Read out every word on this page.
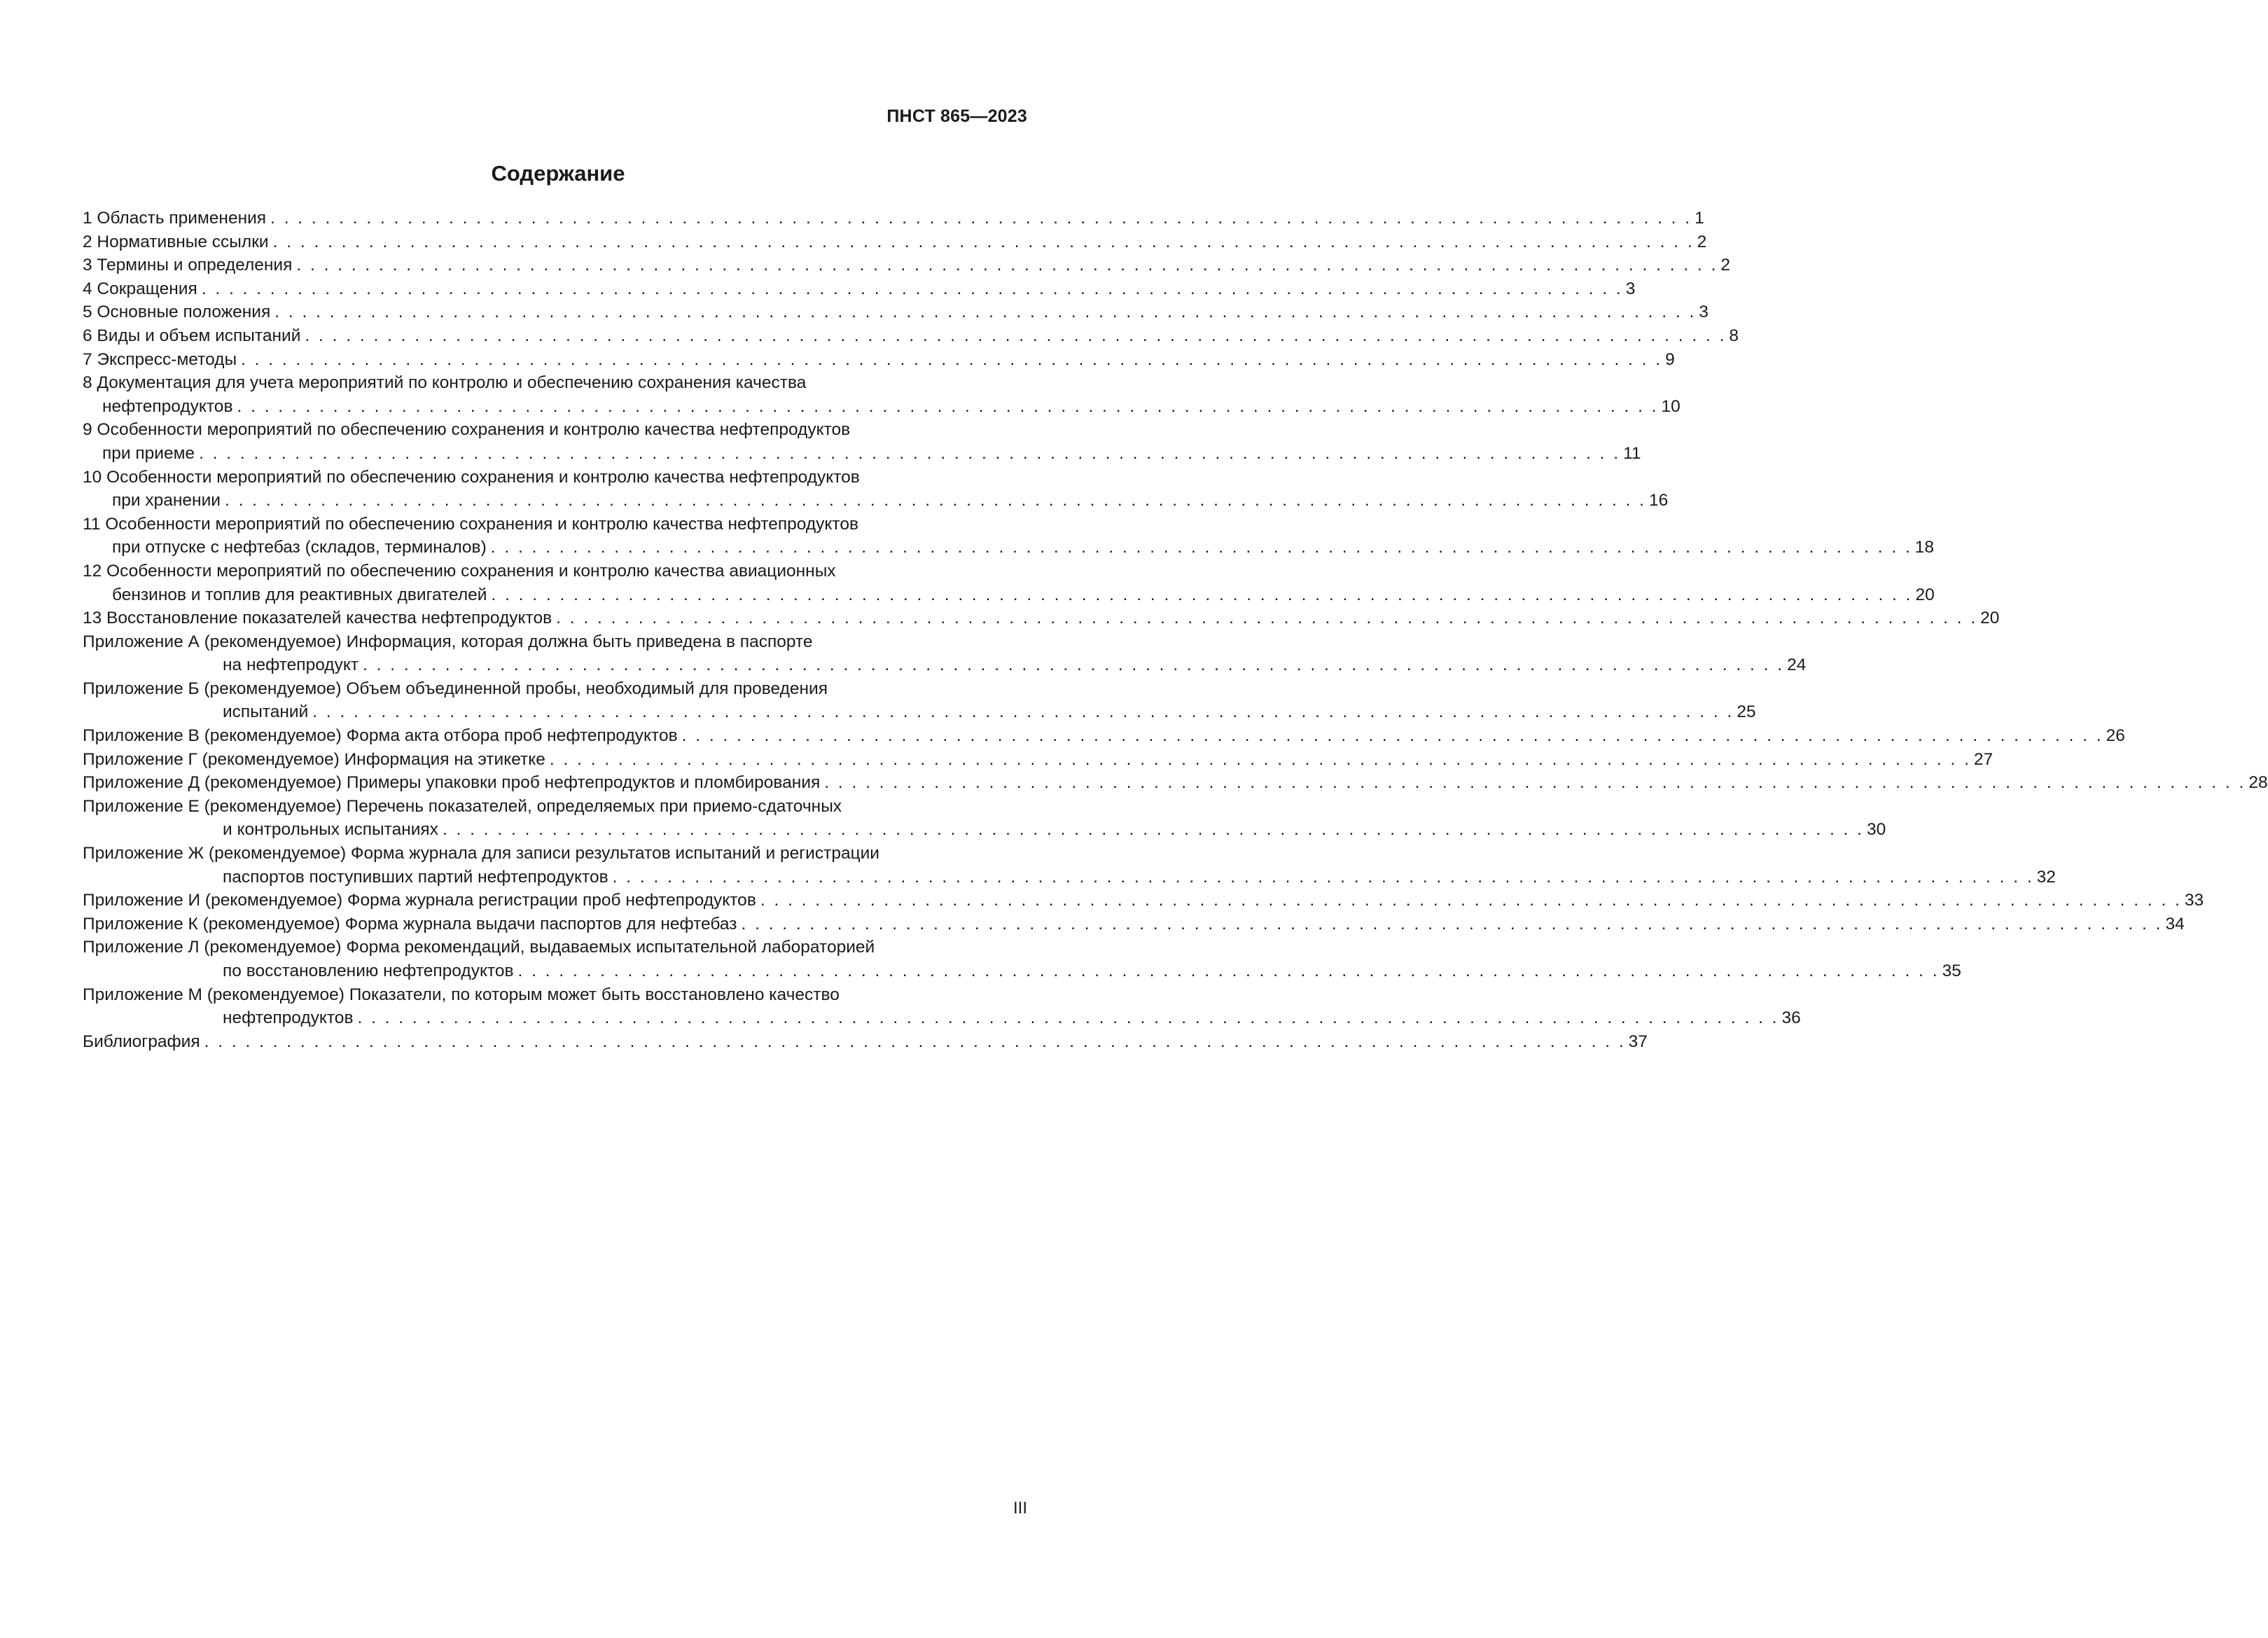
ПНСТ 865—2023
Содержание
1 Область применения . . . . . . . . . . . . . . . . . . . . . . . . . . . . . . . . . . . . . . . . . . . . . . . . . . . . . . . . . . . . . . . . . . . . . . . . . . . . . . . . . . . . . . . . . . . . . . . . . . . . . . . . 1
2 Нормативные ссылки . . . . . . . . . . . . . . . . . . . . . . . . . . . . . . . . . . . . . . . . . . . . . . . . . . . . . . . . . . . . . . . . . . . . . . . . . . . . . . . . . . . . . . . . . . . . . . . . . . . . . . . . 2
3 Термины и определения . . . . . . . . . . . . . . . . . . . . . . . . . . . . . . . . . . . . . . . . . . . . . . . . . . . . . . . . . . . . . . . . . . . . . . . . . . . . . . . . . . . . . . . . . . . . . . . . . . . . . . . . 2
4 Сокращения . . . . . . . . . . . . . . . . . . . . . . . . . . . . . . . . . . . . . . . . . . . . . . . . . . . . . . . . . . . . . . . . . . . . . . . . . . . . . . . . . . . . . . . . . . . . . . . . . . . . . . . . 3
5 Основные положения . . . . . . . . . . . . . . . . . . . . . . . . . . . . . . . . . . . . . . . . . . . . . . . . . . . . . . . . . . . . . . . . . . . . . . . . . . . . . . . . . . . . . . . . . . . . . . . . . . . . . . . . 3
6 Виды и объем испытаний . . . . . . . . . . . . . . . . . . . . . . . . . . . . . . . . . . . . . . . . . . . . . . . . . . . . . . . . . . . . . . . . . . . . . . . . . . . . . . . . . . . . . . . . . . . . . . . . . . . . . . . . 8
7 Экспресс-методы . . . . . . . . . . . . . . . . . . . . . . . . . . . . . . . . . . . . . . . . . . . . . . . . . . . . . . . . . . . . . . . . . . . . . . . . . . . . . . . . . . . . . . . . . . . . . . . . . . . . . . . . 9
8 Документация для учета мероприятий по контролю и обеспечению сохранения качества
нефтепродуктов . . . . . . . . . . . . . . . . . . . . . . . . . . . . . . . . . . . . . . . . . . . . . . . . . . . . . . . . . . . . . . . . . . . . . . . . . . . . . . . . . . . . . . . . . . . . . . . . . . . . . . . . 10
9 Особенности мероприятий по обеспечению сохранения и контролю качества нефтепродуктов
при приеме . . . . . . . . . . . . . . . . . . . . . . . . . . . . . . . . . . . . . . . . . . . . . . . . . . . . . . . . . . . . . . . . . . . . . . . . . . . . . . . . . . . . . . . . . . . . . . . . . . . . . . . . 11
10 Особенности мероприятий по обеспечению сохранения и контролю качества нефтепродуктов
при хранении . . . . . . . . . . . . . . . . . . . . . . . . . . . . . . . . . . . . . . . . . . . . . . . . . . . . . . . . . . . . . . . . . . . . . . . . . . . . . . . . . . . . . . . . . . . . . . . . . . . . . . . . 16
11 Особенности мероприятий по обеспечению сохранения и контролю качества нефтепродуктов
при отпуске с нефтебаз (складов, терминалов) . . . . . . . . . . . . . . . . . . . . . . . . . . . . . . . . . . . . . . . . . . . . . . . . . . . . . . . . . . . . . . . . . . . . . . . . . . . . . . . . . . . . . . . . . . . . . . . . . . . . . . . . 18
12 Особенности мероприятий по обеспечению сохранения и контролю качества авиационных
бензинов и топлив для реактивных двигателей . . . . . . . . . . . . . . . . . . . . . . . . . . . . . . . . . . . . . . . . . . . . . . . . . . . . . . . . . . . . . . . . . . . . . . . . . . . . . . . . . . . . . . . . . . . . . . . . . . . . . . . . 20
13 Восстановление показателей качества нефтепродуктов . . . . . . . . . . . . . . . . . . . . . . . . . . . . . . . . . . . . . . . . . . . . . . . . . . . . . . . . . . . . . . . . . . . . . . . . . . . . . . . . . . . . . . . . . . . . . . . . . . . . . . . . 20
Приложение А (рекомендуемое) Информация, которая должна быть приведена в паспорте
на нефтепродукт . . . . . . . . . . . . . . . . . . . . . . . . . . . . . . . . . . . . . . . . . . . . . . . . . . . . . . . . . . . . . . . . . . . . . . . . . . . . . . . . . . . . . . . . . . . . . . . . . . . . . . . . 24
Приложение Б (рекомендуемое) Объем объединенной пробы, необходимый для проведения
испытаний . . . . . . . . . . . . . . . . . . . . . . . . . . . . . . . . . . . . . . . . . . . . . . . . . . . . . . . . . . . . . . . . . . . . . . . . . . . . . . . . . . . . . . . . . . . . . . . . . . . . . . . . 25
Приложение В (рекомендуемое) Форма акта отбора проб нефтепродуктов . . . . . . . . . . . . . . . . . . . . . . . . . . . . . . . . . . . . . . . . . . . . . . . . . . . . . . . . . . . . . . . . . . . . . . . . . . . . . . . . . . . . . . . . . . . . . . . . . . . . . . . . 26
Приложение Г (рекомендуемое) Информация на этикетке . . . . . . . . . . . . . . . . . . . . . . . . . . . . . . . . . . . . . . . . . . . . . . . . . . . . . . . . . . . . . . . . . . . . . . . . . . . . . . . . . . . . . . . . . . . . . . . . . . . . . . . . 27
Приложение Д (рекомендуемое) Примеры упаковки проб нефтепродуктов и пломбирования . . . . . . . . . . . . . . . . . . . . . . . . . . . . . . . . . . . . . . . . . . . . . . . . . . . . . . . . . . . . . . . . . . . . . . . . . . . . . . . . . . . . . . . . . . . . . . . . . . . . . . . . 28
Приложение Е (рекомендуемое) Перечень показателей, определяемых при приемо-сдаточных
и контрольных испытаниях . . . . . . . . . . . . . . . . . . . . . . . . . . . . . . . . . . . . . . . . . . . . . . . . . . . . . . . . . . . . . . . . . . . . . . . . . . . . . . . . . . . . . . . . . . . . . . . . . . . . . . . . 30
Приложение Ж (рекомендуемое) Форма журнала для записи результатов испытаний и регистрации
паспортов поступивших партий нефтепродуктов . . . . . . . . . . . . . . . . . . . . . . . . . . . . . . . . . . . . . . . . . . . . . . . . . . . . . . . . . . . . . . . . . . . . . . . . . . . . . . . . . . . . . . . . . . . . . . . . . . . . . . . . 32
Приложение И (рекомендуемое) Форма журнала регистрации проб нефтепродуктов . . . . . . . . . . . . . . . . . . . . . . . . . . . . . . . . . . . . . . . . . . . . . . . . . . . . . . . . . . . . . . . . . . . . . . . . . . . . . . . . . . . . . . . . . . . . . . . . . . . . . . . . 33
Приложение К (рекомендуемое) Форма журнала выдачи паспортов для нефтебаз . . . . . . . . . . . . . . . . . . . . . . . . . . . . . . . . . . . . . . . . . . . . . . . . . . . . . . . . . . . . . . . . . . . . . . . . . . . . . . . . . . . . . . . . . . . . . . . . . . . . . . . . 34
Приложение Л (рекомендуемое) Форма рекомендаций, выдаваемых испытательной лабораторией
по восстановлению нефтепродуктов . . . . . . . . . . . . . . . . . . . . . . . . . . . . . . . . . . . . . . . . . . . . . . . . . . . . . . . . . . . . . . . . . . . . . . . . . . . . . . . . . . . . . . . . . . . . . . . . . . . . . . . . 35
Приложение М (рекомендуемое) Показатели, по которым может быть восстановлено качество
нефтепродуктов . . . . . . . . . . . . . . . . . . . . . . . . . . . . . . . . . . . . . . . . . . . . . . . . . . . . . . . . . . . . . . . . . . . . . . . . . . . . . . . . . . . . . . . . . . . . . . . . . . . . . . . . 36
Библиография . . . . . . . . . . . . . . . . . . . . . . . . . . . . . . . . . . . . . . . . . . . . . . . . . . . . . . . . . . . . . . . . . . . . . . . . . . . . . . . . . . . . . . . . . . . . . . . . . . . . . . . . 37
III
